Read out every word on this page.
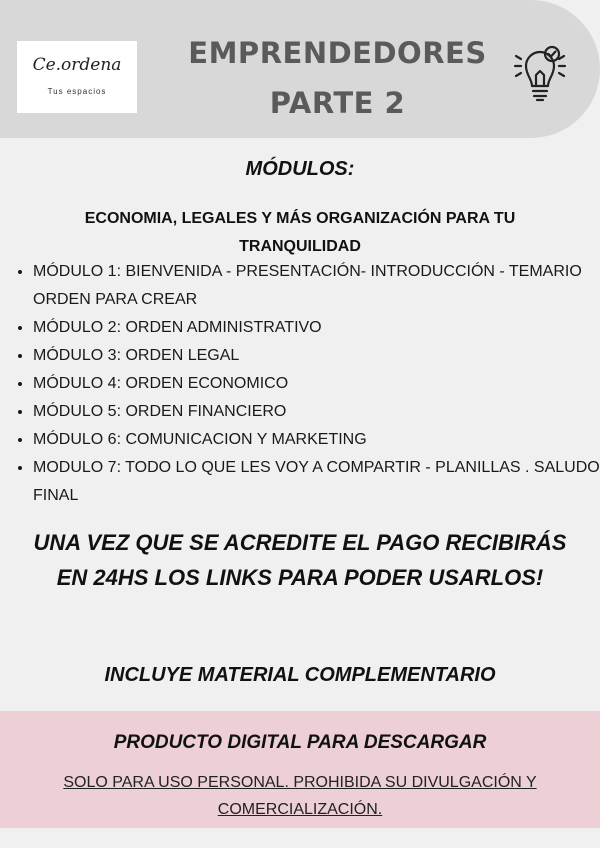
Ce.ordena
Tus espacios
EMPRENDEDORES
PARTE 2
MÓDULOS:
ECONOMIA, LEGALES Y MÁS ORGANIZACIÓN PARA TU TRANQUILIDAD
• MÓDULO 1: BIENVENIDA - PRESENTACIÓN- INTRODUCCIÓN - TEMARIO ORDEN PARA CREAR
• MÓDULO 2: ORDEN ADMINISTRATIVO
• MÓDULO 3: ORDEN LEGAL
• MÓDULO 4: ORDEN ECONOMICO
• MÓDULO 5: ORDEN FINANCIERO
• MÓDULO 6: COMUNICACION Y MARKETING
• MODULO 7: TODO LO QUE LES VOY A COMPARTIR - PLANILLAS . SALUDO FINAL
UNA VEZ QUE SE ACREDITE EL PAGO RECIBIRÁS EN 24HS LOS LINKS PARA PODER USARLOS!
INCLUYE MATERIAL COMPLEMENTARIO
PRODUCTO DIGITAL PARA DESCARGAR
SOLO PARA USO PERSONAL. PROHIBIDA SU DIVULGACIÓN Y COMERCIALIZACIÓN.
